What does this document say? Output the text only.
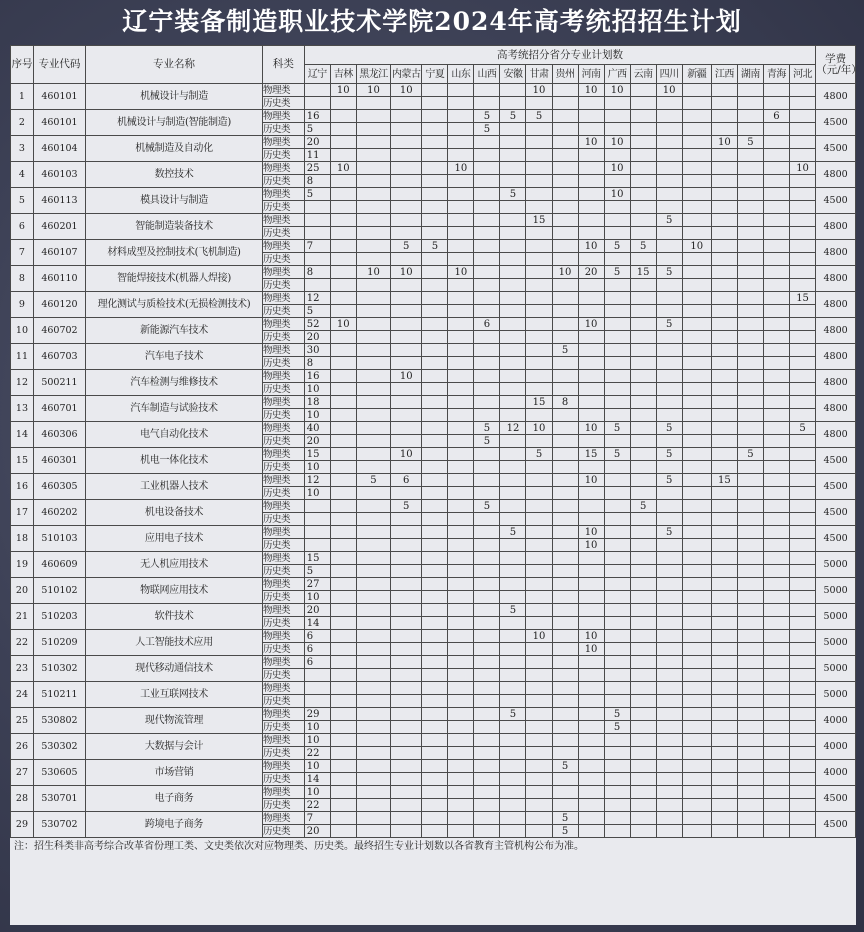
辽宁装备制造职业技术学院2024年高考统招招生计划
序号	专业代码	专业名称	科类	高考统招分省分专业计划数																			学费
（元/年）
				辽宁	吉林	黑龙江	内蒙古	宁夏	山东	山西	安徽	甘肃	贵州	河南	广西	云南	四川	新疆	江西	湖南	青海	河北	
1	460101	机械设计与制造	物理类		10	10	10					10		10	10		10						4800
			历史类																				
2	460101	机械设计与制造(智能制造)	物理类	16						5	5	5									6		4500
			历史类	5						5													
3	460104	机械制造及自动化	物理类	20										10	10				10	5			4500
			历史类	11																			
4	460103	数控技术	物理类	25	10				10						10							10	4800
			历史类	8																			
5	460113	模具设计与制造	物理类	5							5				10								4500
			历史类																				
6	460201	智能制造装备技术	物理类									15					5						4800
			历史类																				
7	460107	材料成型及控制技术(飞机制造)	物理类	7			5	5						10	5	5		10					4800
			历史类																				
8	460110	智能焊接技术(机器人焊接)	物理类	8		10	10		10				10	20	5	15	5						4800
			历史类																				
9	460120	理化测试与质检技术(无损检测技术)	物理类	12																		15	4800
			历史类	5																			
10	460702	新能源汽车技术	物理类	52	10					6				10			5						4800
			历史类	20																			
11	460703	汽车电子技术	物理类	30									5										4800
			历史类	8																			
12	500211	汽车检测与维修技术	物理类	16			10																4800
			历史类	10																			
13	460701	汽车制造与试验技术	物理类	18								15	8										4800
			历史类	10																			
14	460306	电气自动化技术	物理类	40						5	12	10		10	5		5					5	4800
			历史类	20						5													
15	460301	机电一体化技术	物理类	15			10					5		15	5		5			5			4500
			历史类	10																			
16	460305	工业机器人技术	物理类	12		5	6							10			5		15				4500
			历史类	10																			
17	460202	机电设备技术	物理类				5			5						5							4500
			历史类																				
18	510103	应用电子技术	物理类								5			10			5						4500
			历史类											10									
19	460609	无人机应用技术	物理类	15																			5000
			历史类	5																			
20	510102	物联网应用技术	物理类	27																			5000
			历史类	10																			
21	510203	软件技术	物理类	20							5												5000
			历史类	14																			
22	510209	人工智能技术应用	物理类	6								10		10									5000
			历史类	6										10									
23	510302	现代移动通信技术	物理类	6																			5000
			历史类																				
24	510211	工业互联网技术	物理类																				5000
			历史类																				
25	530802	现代物流管理	物理类	29							5				5								4000
			历史类	10											5								
26	530302	大数据与会计	物理类	10																			4000
			历史类	22																			
27	530605	市场营销	物理类	10									5										4000
			历史类	14																			
28	530701	电子商务	物理类	10																			4500
			历史类	22																			
29	530702	跨境电子商务	物理类	7									5										4500
			历史类	20									5										
注：招生科类非高考综合改革省份理工类、文史类依次对应物理类、历史类。最终招生专业计划数以各省教育主管机构公布为准。
